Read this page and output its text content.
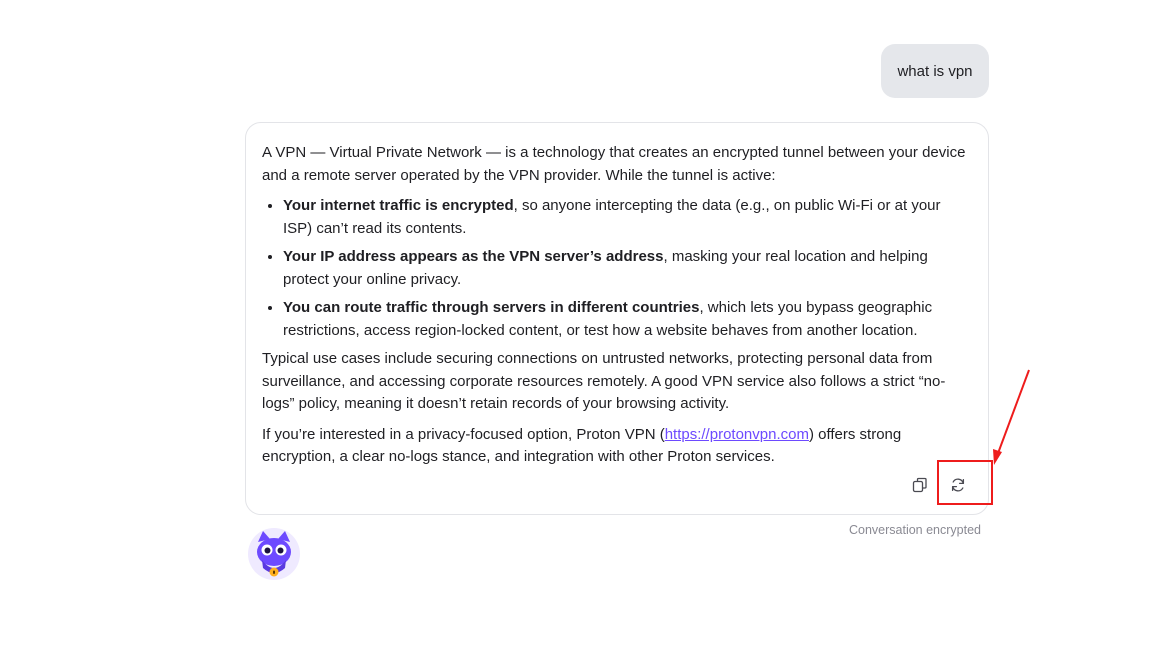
what is vpn

A VPN — Virtual Private Network — is a technology that creates an encrypted tunnel between your device and a remote server operated by the VPN provider. While the tunnel is active:

• Your internet traffic is encrypted, so anyone intercepting the data (e.g., on public Wi-Fi or at your ISP) can’t read its contents.
• Your IP address appears as the VPN server’s address, masking your real location and helping protect your online privacy.
• You can route traffic through servers in different countries, which lets you bypass geographic restrictions, access region-locked content, or test how a website behaves from another location.

Typical use cases include securing connections on untrusted networks, protecting personal data from surveillance, and accessing corporate resources remotely. A good VPN service also follows a strict “no-logs” policy, meaning it doesn’t retain records of your browsing activity.

If you’re interested in a privacy-focused option, Proton VPN (https://protonvpn.com) offers strong encryption, a clear no-logs stance, and integration with other Proton services.

Conversation encrypted
